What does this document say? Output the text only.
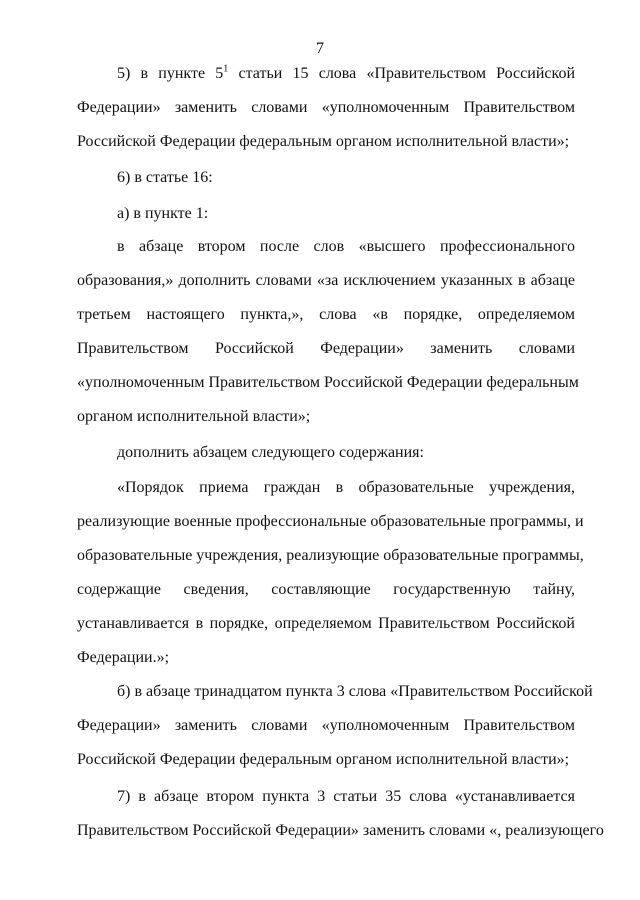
7
5) в пункте $5^1$ статьи 15 слова «Правительством Российской
Федерации» заменить словами «уполномоченным Правительством
Российской Федерации федеральным органом исполнительной власти»;
6) в статье 16:
а) в пункте 1:
в абзаце втором после слов «высшего профессионального
образования,» дополнить словами «за исключением указанных в абзаце
третьем настоящего пункта,», слова «в порядке, определяемом
Правительством Российской Федерации» заменить словами
«уполномоченным Правительством Российской Федерации федеральным
органом исполнительной власти»;
дополнить абзацем следующего содержания:
«Порядок приема граждан в образовательные учреждения,
реализующие военные профессиональные образовательные программы, и
образовательные учреждения, реализующие образовательные программы,
содержащие сведения, составляющие государственную тайну,
устанавливается в порядке, определяемом Правительством Российской
Федерации.»;
б) в абзаце тринадцатом пункта 3 слова «Правительством Российской
Федерации» заменить словами «уполномоченным Правительством
Российской Федерации федеральным органом исполнительной власти»;
7) в абзаце втором пункта 3 статьи 35 слова «устанавливается
Правительством Российской Федерации» заменить словами «, реализующего
